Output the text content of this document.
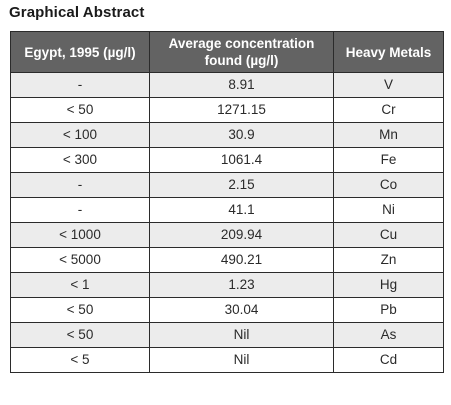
Graphical Abstract
Egypt, 1995 (µg/l)	Average concentration found (µg/l)	Heavy Metals
-	8.91	V
< 50	1271.15	Cr
< 100	30.9	Mn
< 300	1061.4	Fe
-	2.15	Co
-	41.1	Ni
< 1000	209.94	Cu
< 5000	490.21	Zn
< 1	1.23	Hg
< 50	30.04	Pb
< 50	Nil	As
< 5	Nil	Cd
